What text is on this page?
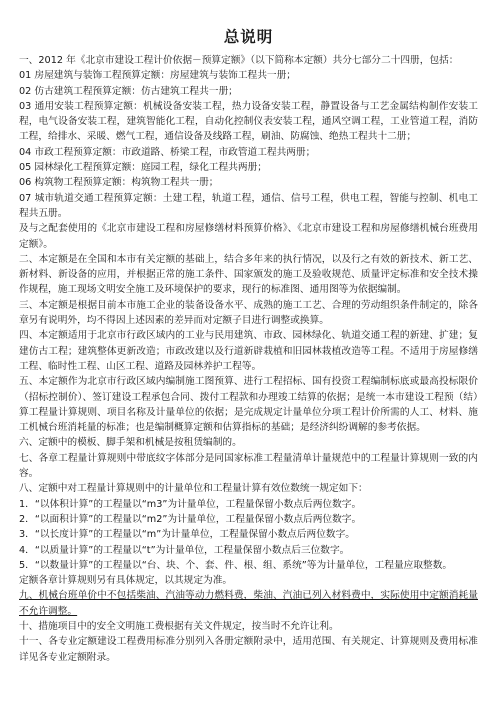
总说明

一、2012 年《北京市建设工程计价依据－预算定额》（以下简称本定额）共分七部分二十四册，包括：

01 房屋建筑与装饰工程预算定额：房屋建筑与装饰工程共一册；

02 仿古建筑工程预算定额：仿古建筑工程共一册；

03 通用安装工程预算定额：机械设备安装工程，热力设备安装工程，静置设备与工艺金属结构制作安装工程，电气设备安装工程，建筑智能化工程，自动化控制仪表安装工程，通风空调工程，工业管道工程，消防工程，给排水、采暖、燃气工程，通信设备及线路工程，刷油、防腐蚀、绝热工程共十二册；

04 市政工程预算定额：市政道路、桥梁工程，市政管道工程共两册；

05 园林绿化工程预算定额：庭园工程，绿化工程共两册；

06 构筑物工程预算定额：构筑物工程共一册；

07 城市轨道交通工程预算定额：土建工程，轨道工程，通信、信号工程，供电工程，智能与控制、机电工程共五册。

及与之配套使用的《北京市建设工程和房屋修缮材料预算价格》、《北京市建设工程和房屋修缮机械台班费用定额》。

二、本定额是在全国和本市有关定额的基础上，结合多年来的执行情况，以及行之有效的新技术、新工艺、新材料、新设备的应用，并根据正常的施工条件、国家颁发的施工及验收规范、质量评定标准和安全技术操作规程，施工现场文明安全施工及环境保护的要求，现行的标准图、通用图等为依据编制。

三、本定额是根据目前本市施工企业的装备设备水平、成熟的施工工艺、合理的劳动组织条件制定的，除各章另有说明外，均不得因上述因素的差异而对定额子目进行调整或换算。

四、本定额适用于北京市行政区域内的工业与民用建筑、市政、园林绿化、轨道交通工程的新建、扩建；复建仿古工程；建筑整体更新改造；市政改建以及行道新辟栽植和旧园林栽植改造等工程。不适用于房屋修缮工程、临时性工程、山区工程、道路及园林养护工程等。

五、本定额作为北京市行政区域内编制施工图预算、进行工程招标、国有投资工程编制标底或最高投标限价（招标控制价）、签订建设工程承包合同、拨付工程款和办理竣工结算的依据；是统一本市建设工程预（结）算工程量计算规则、项目名称及计量单位的依据；是完成规定计量单位分项工程计价所需的人工、材料、施工机械台班消耗量的标准；也是编制概算定额和估算指标的基础；是经济纠纷调解的参考依据。

六、定额中的模板、脚手架和机械是按租赁编制的。

七、各章工程量计算规则中带底纹字体部分是同国家标准工程量清单计量规范中的工程量计算规则一致的内容。

八、定额中对工程量计算规则中的计量单位和工程量计算有效位数统一规定如下：

1．“以体积计算”的工程量以“m3”为计量单位，工程量保留小数点后两位数字。

2．“以面积计算”的工程量以“m2”为计量单位，工程量保留小数点后两位数字。

3．“以长度计算”的工程量以“m”为计量单位，工程量保留小数点后两位数字。

4．“以质量计算”的工程量以“t”为计量单位，工程量保留小数点后三位数字。

5．“以数量计算”的工程量以“台、块、个、套、件、根、组、系统”等为计量单位，工程量应取整数。

定额各章计算规则另有具体规定，以其规定为准。

九、机械台班单价中不包括柴油、汽油等动力燃料费，柴油、汽油已列入材料费中，实际使用中定额消耗量不允许调整。

十、措施项目中的安全文明施工费根据有关文件规定，按当时不允许让利。

十一、各专业定额建设工程费用标准分别列入各册定额附录中，适用范围、有关规定、计算规则及费用标准详见各专业定额附录。
